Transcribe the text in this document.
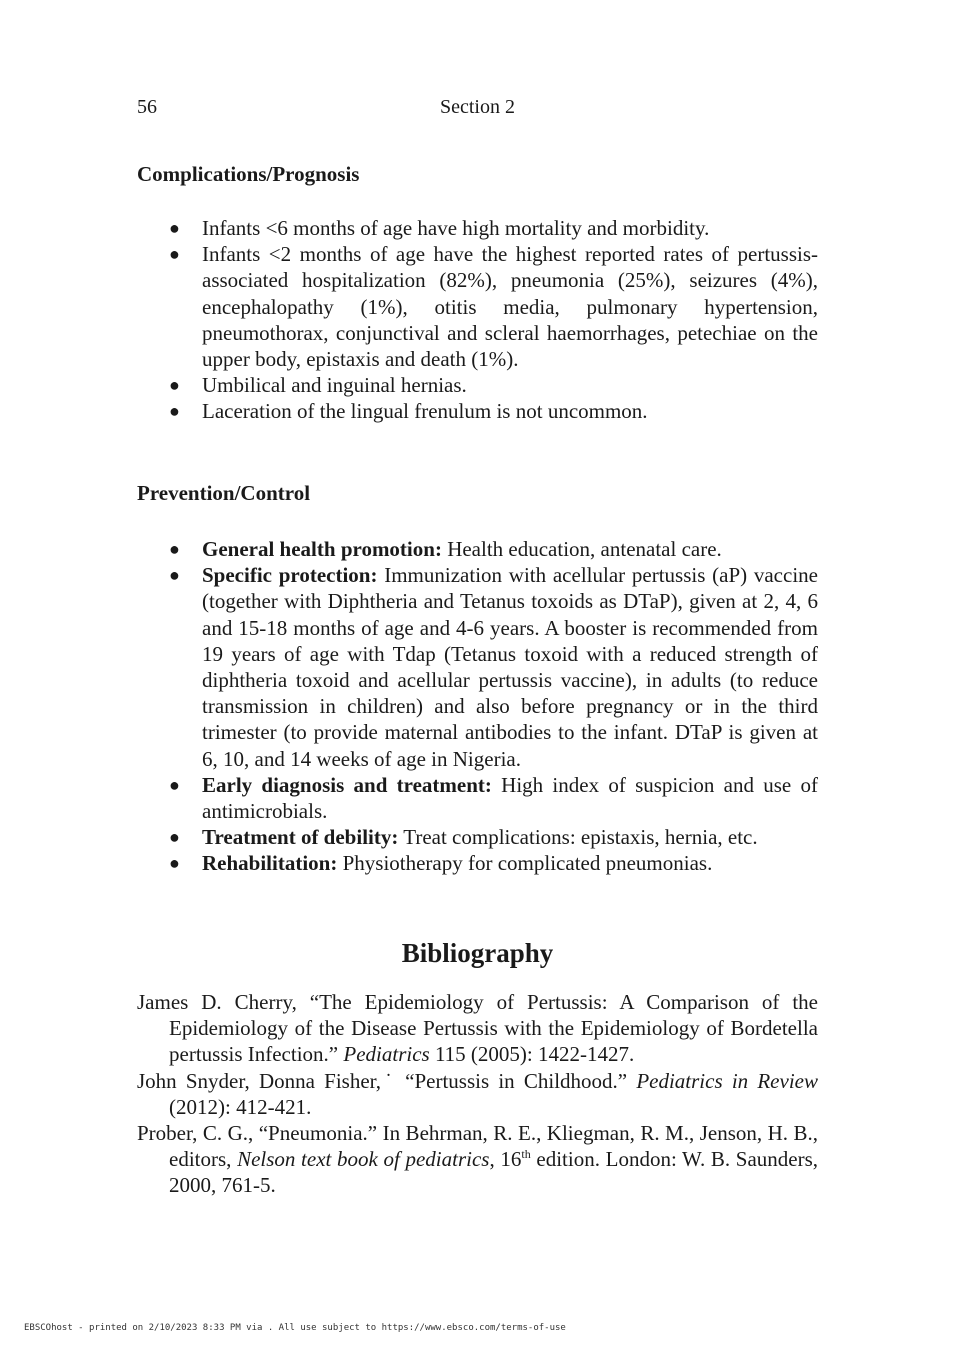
56	Section 2

Complications/Prognosis

● Infants <6 months of age have high mortality and morbidity.
● Infants <2 months of age have the highest reported rates of pertussis-associated hospitalization (82%), pneumonia (25%), seizures (4%), encephalopathy (1%), otitis media, pulmonary hypertension, pneumothorax, conjunctival and scleral haemorrhages, petechiae on the upper body, epistaxis and death (1%).
● Umbilical and inguinal hernias.
● Laceration of the lingual frenulum is not uncommon.

Prevention/Control

● General health promotion: Health education, antenatal care.
● Specific protection: Immunization with acellular pertussis (aP) vaccine (together with Diphtheria and Tetanus toxoids as DTaP), given at 2, 4, 6 and 15-18 months of age and 4-6 years. A booster is recommended from 19 years of age with Tdap (Tetanus toxoid with a reduced strength of diphtheria toxoid and acellular pertussis vaccine), in adults (to reduce transmission in children) and also before pregnancy or in the third trimester (to provide maternal antibodies to the infant. DTaP is given at 6, 10, and 14 weeks of age in Nigeria.
● Early diagnosis and treatment: High index of suspicion and use of antimicrobials.
● Treatment of debility: Treat complications: epistaxis, hernia, etc.
● Rehabilitation: Physiotherapy for complicated pneumonias.
Bibliography

James D. Cherry, “The Epidemiology of Pertussis: A Comparison of the Epidemiology of the Disease Pertussis with the Epidemiology of Bordetella pertussis Infection.” Pediatrics 115 (2005): 1422-1427.

John Snyder, Donna Fisher,˙ “Pertussis in Childhood.” Pediatrics in Review (2012): 412-421.

Prober, C. G., “Pneumonia.” In Behrman, R. E., Kliegman, R. M., Jenson, H. B., editors, Nelson text book of pediatrics, 16th edition. London: W. B. Saunders, 2000, 761-5.

EBSCOhost - printed on 2/10/2023 8:33 PM via . All use subject to https://www.ebsco.com/terms-of-use
